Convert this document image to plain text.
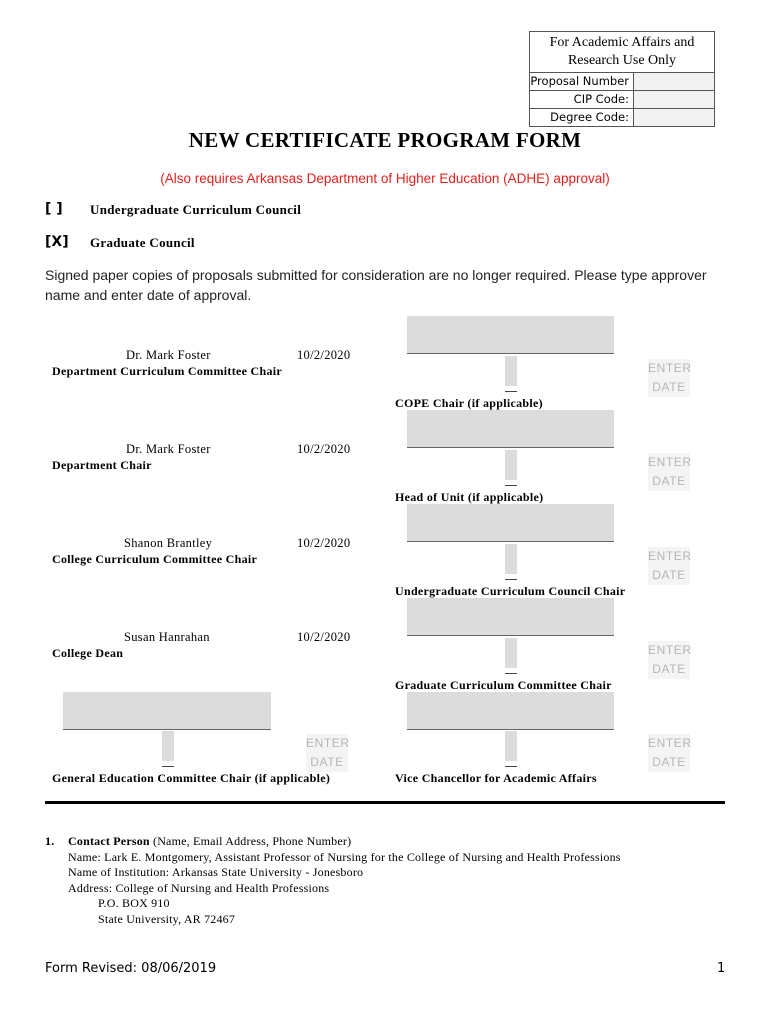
For Academic Affairs and Research Use Only
Proposal Number
CIP Code:
Degree Code:
NEW CERTIFICATE PROGRAM FORM
(Also requires Arkansas Department of Higher Education (ADHE) approval)
[ ] Undergraduate Curriculum Council
[X] Graduate Council
Signed paper copies of proposals submitted for consideration are no longer required. Please type approver name and enter date of approval.
Dr. Mark Foster	10/2/2020
Department Curriculum Committee Chair
Dr. Mark Foster	10/2/2020
Department Chair
Shanon Brantley	10/2/2020
College Curriculum Committee Chair
Susan Hanrahan	10/2/2020
College Dean
ENTER
DATE
General Education Committee Chair (if applicable)
ENTER
DATE
COPE Chair (if applicable)
ENTER
DATE
Head of Unit (if applicable)
ENTER
DATE
Undergraduate Curriculum Council Chair
ENTER
DATE
Graduate Curriculum Committee Chair
ENTER
DATE
Vice Chancellor for Academic Affairs
1. Contact Person (Name, Email Address, Phone Number)
Name: Lark E. Montgomery, Assistant Professor of Nursing for the College of Nursing and Health Professions
Name of Institution: Arkansas State University - Jonesboro
Address: College of Nursing and Health Professions
P.O. BOX 910
State University, AR 72467
Form Revised: 08/06/2019	1
